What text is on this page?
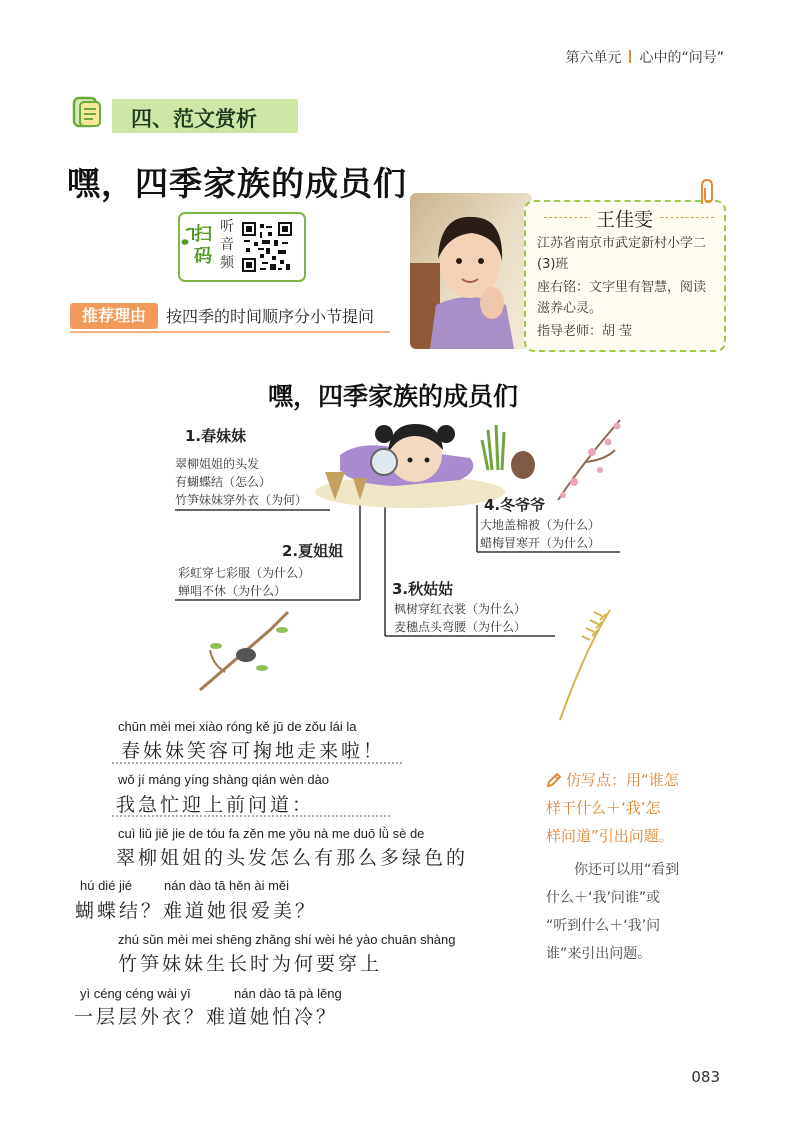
第六单元 心中的“问号”
四、范文赏析
嘿，四季家族的成员们
扫码
听音频
推荐理由	按四季的时间顺序分小节提问
王佳雯
江苏省南京市武定新村小学二
(3)班
座右铭：文字里有智慧，阅读
滋养心灵。
指导老师：胡 莹
嘿，四季家族的成员们
1.春妹妹
翠柳姐姐的头发
有蝴蝶结（怎么）
竹笋妹妹穿外衣（为何）
2.夏姐姐
彩虹穿七彩服（为什么）
蝉唱不休（为什么）	3.秋姑姑
枫树穿红衣裳（为什么）
麦穗点头弯腰（为什么）
4.冬爷爷
大地盖棉被（为什么）
蜡梅冒寒开（为什么）
chūn mèi mei xiào róng kě jū de zǒu lái la
春妹妹笑容可掬地走来啦！
wǒ jí máng yíng shàng qián wèn dào
我急忙迎上前问道：
cuì liǔ jiě jie de tóu fa zěn me yǒu nà me duō lǜ sè de
翠柳姐姐的头发怎么有那么多绿色的
hú dié jié nán dào tā hěn ài měi
蝴蝶结？难道她很爱美？
zhú sǔn mèi mei shēng zhǎng shí wèi hé yào chuān shàng
竹笋妹妹生长时为何要穿上
yì céng céng wài yī	nán dào tā pà lěng
一层层外衣？难道她怕冷？
仿写点：用“谁怎
样干什么＋‘我’怎
样问道”引出问题。
你还可以用“看到
什么＋‘我’问谁”或
“听到什么＋‘我’问
谁”来引出问题。
083
